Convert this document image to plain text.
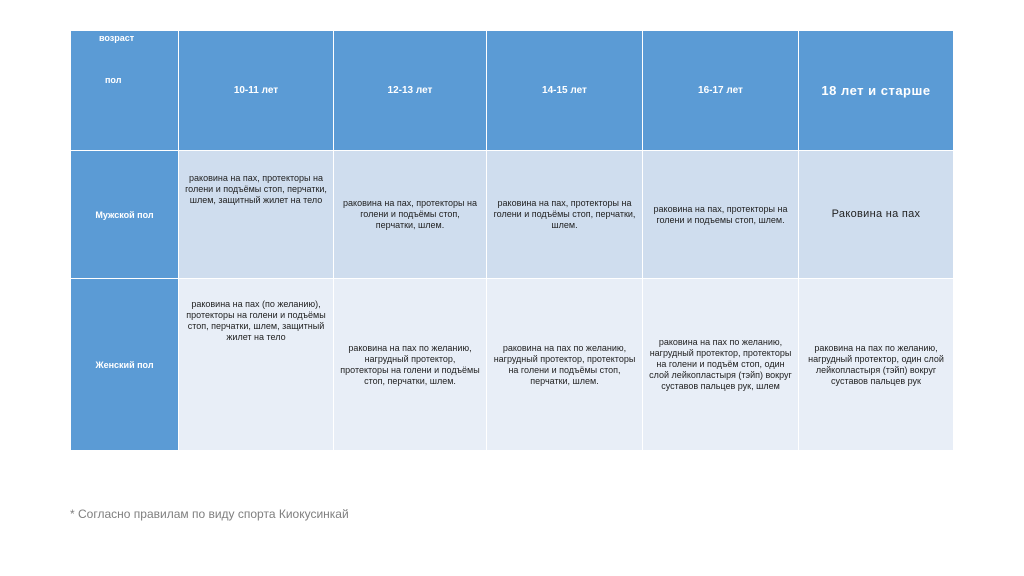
возраст
пол	10-11 лет	12-13 лет	14-15 лет	16-17 лет	18 лет и старше
Мужской пол	раковина на пах, протекторы на голени и подъёмы стоп, перчатки, шлем, защитный жилет на тело	раковина на пах, протекторы на голени и подъёмы стоп, перчатки, шлем.	раковина на пах, протекторы на голени и подъёмы стоп, перчатки, шлем.	раковина на пах, протекторы на голени и подъемы стоп, шлем.	Раковина на пах
Женский пол	раковина на пах (по желанию), протекторы на голени и подъёмы стоп, перчатки, шлем, защитный жилет на тело	раковина на пах по желанию, нагрудный протектор, протекторы на голени и подъёмы стоп, перчатки, шлем.	раковина на пах по желанию, нагрудный протектор, протекторы на голени и подъёмы стоп, перчатки, шлем.	раковина на пах по желанию, нагрудный протектор, протекторы на голени и подъём стоп, один слой лейкопластыря (тэйп) вокруг суставов пальцев рук, шлем	раковина на пах по желанию, нагрудный протектор, один слой лейкопластыря (тэйп) вокруг суставов пальцев рук
* Согласно правилам по виду спорта Киокусинкай
